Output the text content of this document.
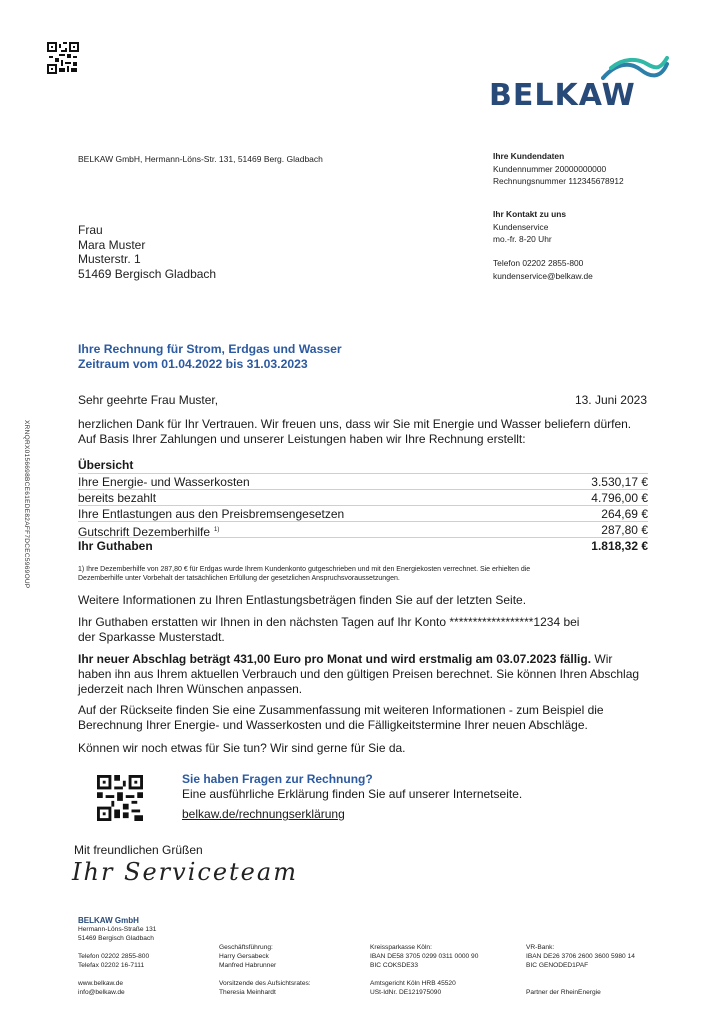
XRNQRX0156698BCE61EDE82AFF7DCEC5969OUP
BELKAW
BELKAW GmbH, Hermann-Löns-Str. 131, 51469 Berg. Gladbach	Ihre Kundendaten
Kundennummer 20000000000
Rechnungsnummer 112345678912
Ihr Kontakt zu uns
Kundenservice
mo.-fr. 8-20 Uhr
Telefon 02202 2855-800
kundenservice@belkaw.de
Frau
Mara Muster
Musterstr. 1
51469 Bergisch Gladbach
Ihre Rechnung für Strom, Erdgas und Wasser
Zeitraum vom 01.04.2022 bis 31.03.2023
Sehr geehrte Frau Muster,	13. Juni 2023
herzlichen Dank für Ihr Vertrauen. Wir freuen uns, dass wir Sie mit Energie und Wasser beliefern dürfen.
Auf Basis Ihrer Zahlungen und unserer Leistungen haben wir Ihre Rechnung erstellt:
Übersicht
Ihre Energie- und Wasserkosten	3.530,17 €
bereits bezahlt	4.796,00 €
Ihre Entlastungen aus den Preisbremsengesetzen	264,69 €
Gutschrift Dezemberhilfe $^{1)}$	287,80 €
Ihr Guthaben	1.818,32 €
1) Ihre Dezemberhilfe von 287,80 € für Erdgas wurde Ihrem Kundenkonto gutgeschrieben und mit den Energiekosten verrechnet. Sie erhielten die
Dezemberhilfe unter Vorbehalt der tatsächlichen Erfüllung der gesetzlichen Anspruchsvoraussetzungen.
Weitere Informationen zu Ihren Entlastungsbeträgen finden Sie auf der letzten Seite.
Ihr Guthaben erstatten wir Ihnen in den nächsten Tagen auf Ihr Konto ******************1234 bei
der Sparkasse Musterstadt.
Ihr neuer Abschlag beträgt 431,00 Euro pro Monat und wird erstmalig am 03.07.2023 fällig. Wir
haben ihn aus Ihrem aktuellen Verbrauch und den gültigen Preisen berechnet. Sie können Ihren Abschlag
jederzeit nach Ihren Wünschen anpassen.
Auf der Rückseite finden Sie eine Zusammenfassung mit weiteren Informationen - zum Beispiel die
Berechnung Ihrer Energie- und Wasserkosten und die Fälligkeitstermine Ihrer neuen Abschläge.
Können wir noch etwas für Sie tun? Wir sind gerne für Sie da.
Sie haben Fragen zur Rechnung?
Eine ausführliche Erklärung finden Sie auf unserer Internetseite.
belkaw.de/rechnungserklärung
Mit freundlichen Grüßen
Ihr Serviceteam
BELKAW GmbH
Hermann-Löns-Straße 131
51469 Bergisch Gladbach
Telefon 02202 2855-800
Telefax 02202 16-7111
www.belkaw.de
info@belkaw.de
Geschäftsführung:
Harry Gersabeck
Manfred Habrunner
Vorsitzende des Aufsichtsrates:
Theresia Meinhardt
Kreissparkasse Köln:
IBAN DE58 3705 0299 0311 0000 90
BIC COKSDE33
Amtsgericht Köln HRB 45520
USt-IdNr. DE121975090
VR-Bank:
IBAN DE26 3706 2600 3600 5980 14
BIC GENODED1PAF
Partner der RheinEnergie
